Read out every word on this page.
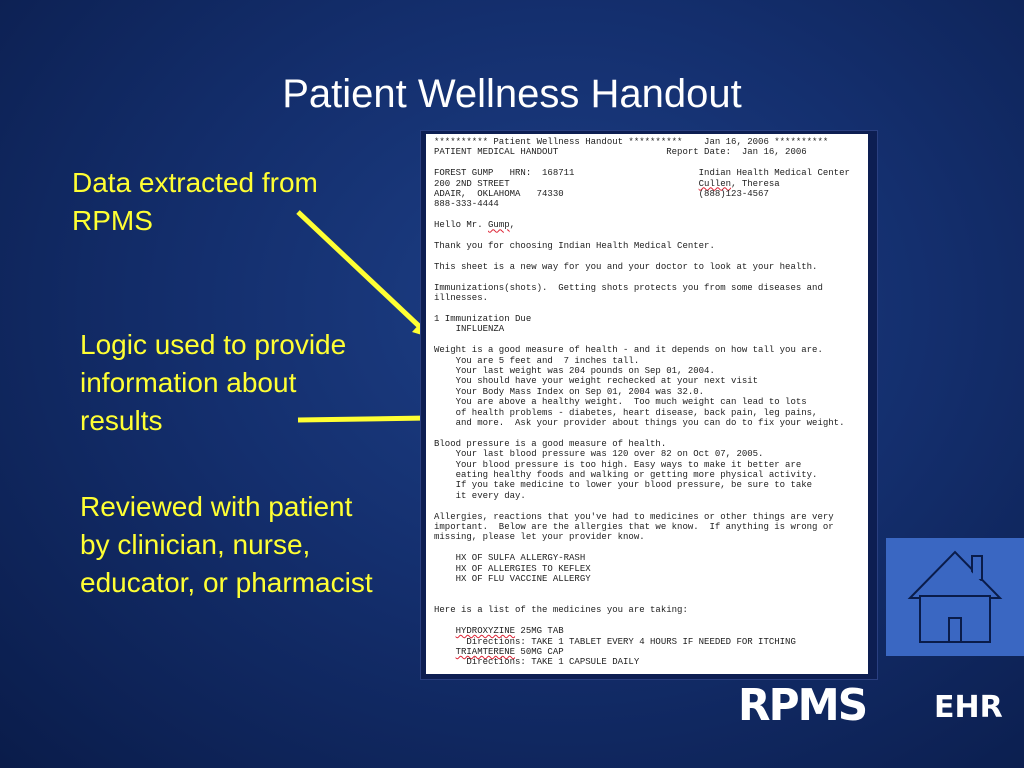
Patient Wellness Handout
Data extracted from RPMS
Logic used to provide information about results
Reviewed with patient by clinician, nurse, educator, or pharmacist
********** Patient Wellness Handout **********    Jan 16, 2006 **********
PATIENT MEDICAL HANDOUT                    Report Date:  Jan 16, 2006

FOREST GUMP   HRN:  168711                       Indian Health Medical Center
200 2ND STREET                                   Cullen, Theresa
ADAIR,  OKLAHOMA   74330                         (888)123-4567
888-333-4444

Hello Mr. Gump,

Thank you for choosing Indian Health Medical Center.

This sheet is a new way for you and your doctor to look at your health.

Immunizations(shots).  Getting shots protects you from some diseases and
illnesses.

1 Immunization Due
INFLUENZA

Weight is a good measure of health - and it depends on how tall you are.
You are 5 feet and  7 inches tall.
Your last weight was 204 pounds on Sep 01, 2004.
You should have your weight rechecked at your next visit
Your Body Mass Index on Sep 01, 2004 was 32.0.
You are above a healthy weight.  Too much weight can lead to lots
of health problems - diabetes, heart disease, back pain, leg pains,
and more.  Ask your provider about things you can do to fix your weight.

Blood pressure is a good measure of health.
Your last blood pressure was 120 over 82 on Oct 07, 2005.
Your blood pressure is too high. Easy ways to make it better are
eating healthy foods and walking or getting more physical activity.
If you take medicine to lower your blood pressure, be sure to take
it every day.

Allergies, reactions that you've had to medicines or other things are very
important.  Below are the allergies that we know.  If anything is wrong or
missing, please let your provider know.

HX OF SULFA ALLERGY-RASH
HX OF ALLERGIES TO KEFLEX
HX OF FLU VACCINE ALLERGY

Here is a list of the medicines you are taking:

HYDROXYZINE 25MG TAB
Directions: TAKE 1 TABLET EVERY 4 HOURS IF NEEDED FOR ITCHING
TRIAMTERENE 50MG CAP
Directions: TAKE 1 CAPSULE DAILY
RPMS EHR
